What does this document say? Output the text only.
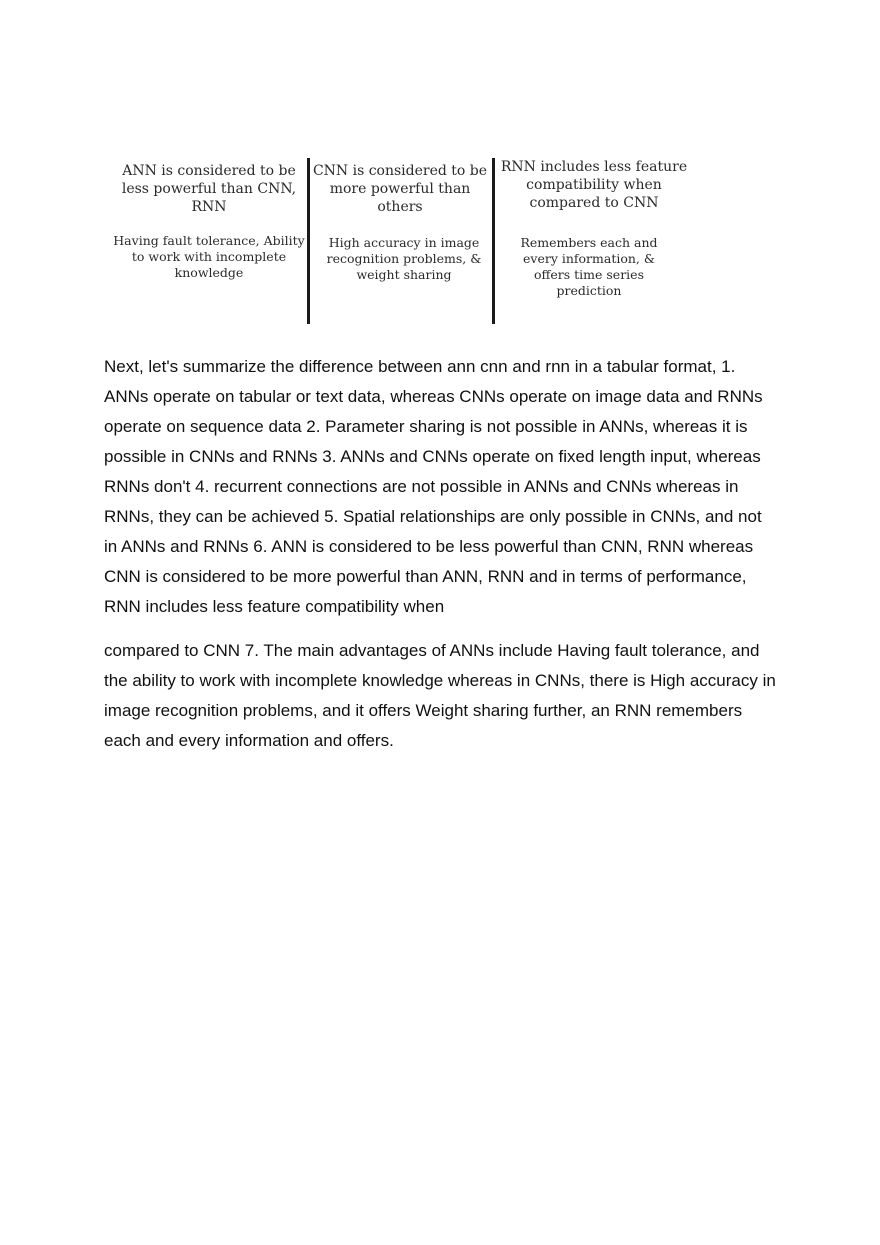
ANN is considered to be less powerful than CNN, RNN
Having fault tolerance, Ability to work with incomplete knowledge
CNN is considered to be more powerful than others
High accuracy in image recognition problems, & weight sharing
RNN includes less feature compatibility when compared to CNN
Remembers each and every information, & offers time series prediction

Next, let's summarize the difference between ann cnn and rnn in a tabular format, 1. ANNs operate on tabular or text data, whereas CNNs operate on image data and RNNs operate on sequence data 2. Parameter sharing is not possible in ANNs, whereas it is possible in CNNs and RNNs 3. ANNs and CNNs operate on fixed length input, whereas RNNs don't 4. recurrent connections are not possible in ANNs and CNNs whereas in RNNs, they can be achieved 5. Spatial relationships are only possible in CNNs, and not in ANNs and RNNs 6. ANN is considered to be less powerful than CNN, RNN whereas CNN is considered to be more powerful than ANN, RNN and in terms of performance, RNN includes less feature compatibility when

compared to CNN 7. The main advantages of ANNs include Having fault tolerance, and the ability to work with incomplete knowledge whereas in CNNs, there is High accuracy in image recognition problems, and it offers Weight sharing further, an RNN remembers each and every information and offers.
